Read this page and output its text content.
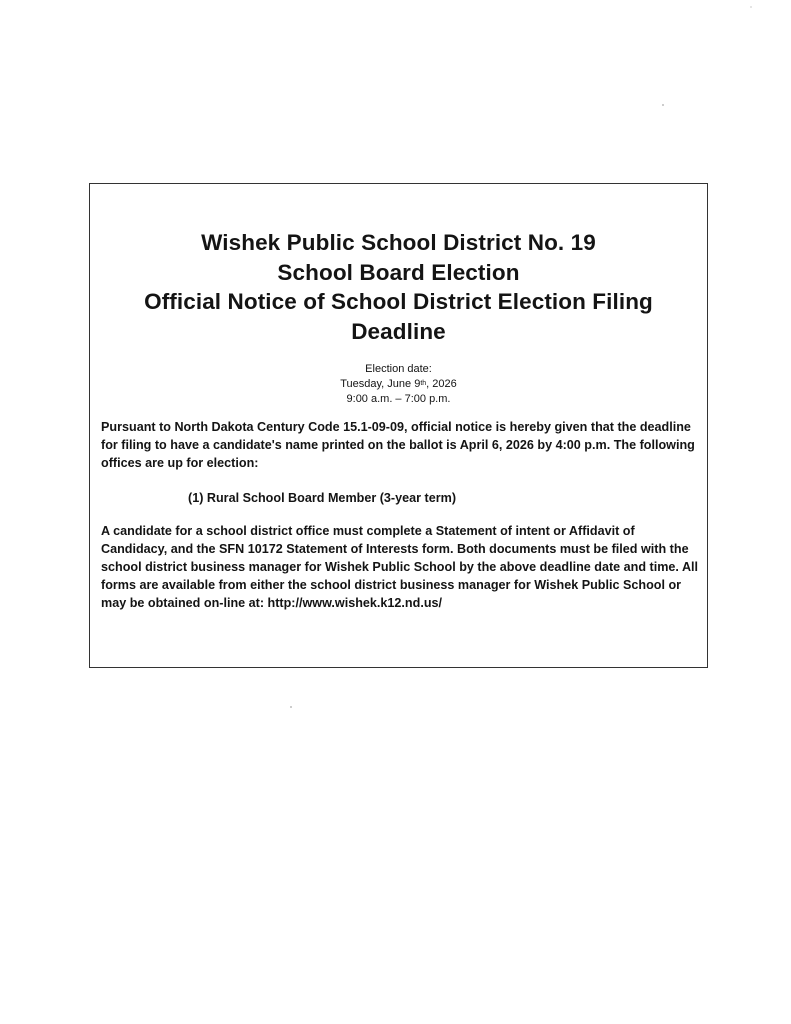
Wishek Public School District No. 19
School Board Election
Official Notice of School District Election Filing
Deadline
Election date:
Tuesday, June 9th, 2026
9:00 a.m. – 7:00 p.m.
Pursuant to North Dakota Century Code 15.1-09-09, official notice is hereby given that the deadline for filing to have a candidate's name printed on the ballot is April 6, 2026 by 4:00 p.m. The following offices are up for election:
(1) Rural School Board Member (3-year term)
A candidate for a school district office must complete a Statement of intent or Affidavit of Candidacy, and the SFN 10172 Statement of Interests form. Both documents must be filed with the school district business manager for Wishek Public School by the above deadline date and time. All forms are available from either the school district business manager for Wishek Public School or may be obtained on-line at: http://www.wishek.k12.nd.us/
